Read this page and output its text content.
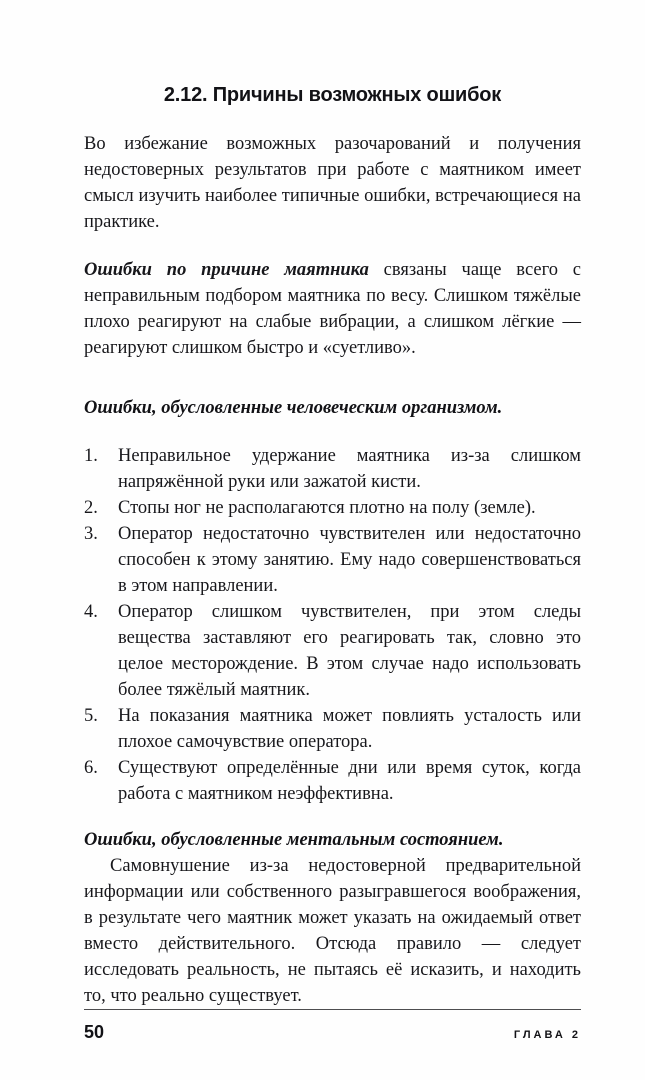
2.12. Причины возможных ошибок

Во избежание возможных разочарований и получения недостоверных результатов при работе с маятником имеет смысл изучить наиболее типичные ошибки, встречающиеся на практике.

Ошибки по причине маятника связаны чаще всего с неправильным подбором маятника по весу. Слишком тяжёлые плохо реагируют на слабые вибрации, а слишком лёгкие — реагируют слишком быстро и «суетливо».

Ошибки, обусловленные человеческим организмом.
1. Неправильное удержание маятника из-за слишком напряжённой руки или зажатой кисти.
2. Стопы ног не располагаются плотно на полу (земле).
3. Оператор недостаточно чувствителен или недостаточно способен к этому занятию. Ему надо совершенствоваться в этом направлении.
4. Оператор слишком чувствителен, при этом следы вещества заставляют его реагировать так, словно это целое месторождение. В этом случае надо использовать более тяжёлый маятник.
5. На показания маятника может повлиять усталость или плохое самочувствие оператора.
6. Существуют определённые дни или время суток, когда работа с маятником неэффективна.
Ошибки, обусловленные ментальным состоянием.

Самовнушение из-за недостоверной предварительной информации или собственного разыгравшегося воображения, в результате чего маятник может указать на ожидаемый ответ вместо действительного. Отсюда правило — следует исследовать реальность, не пытаясь её исказить, и находить то, что реально существует.

50	ГЛАВА 2
